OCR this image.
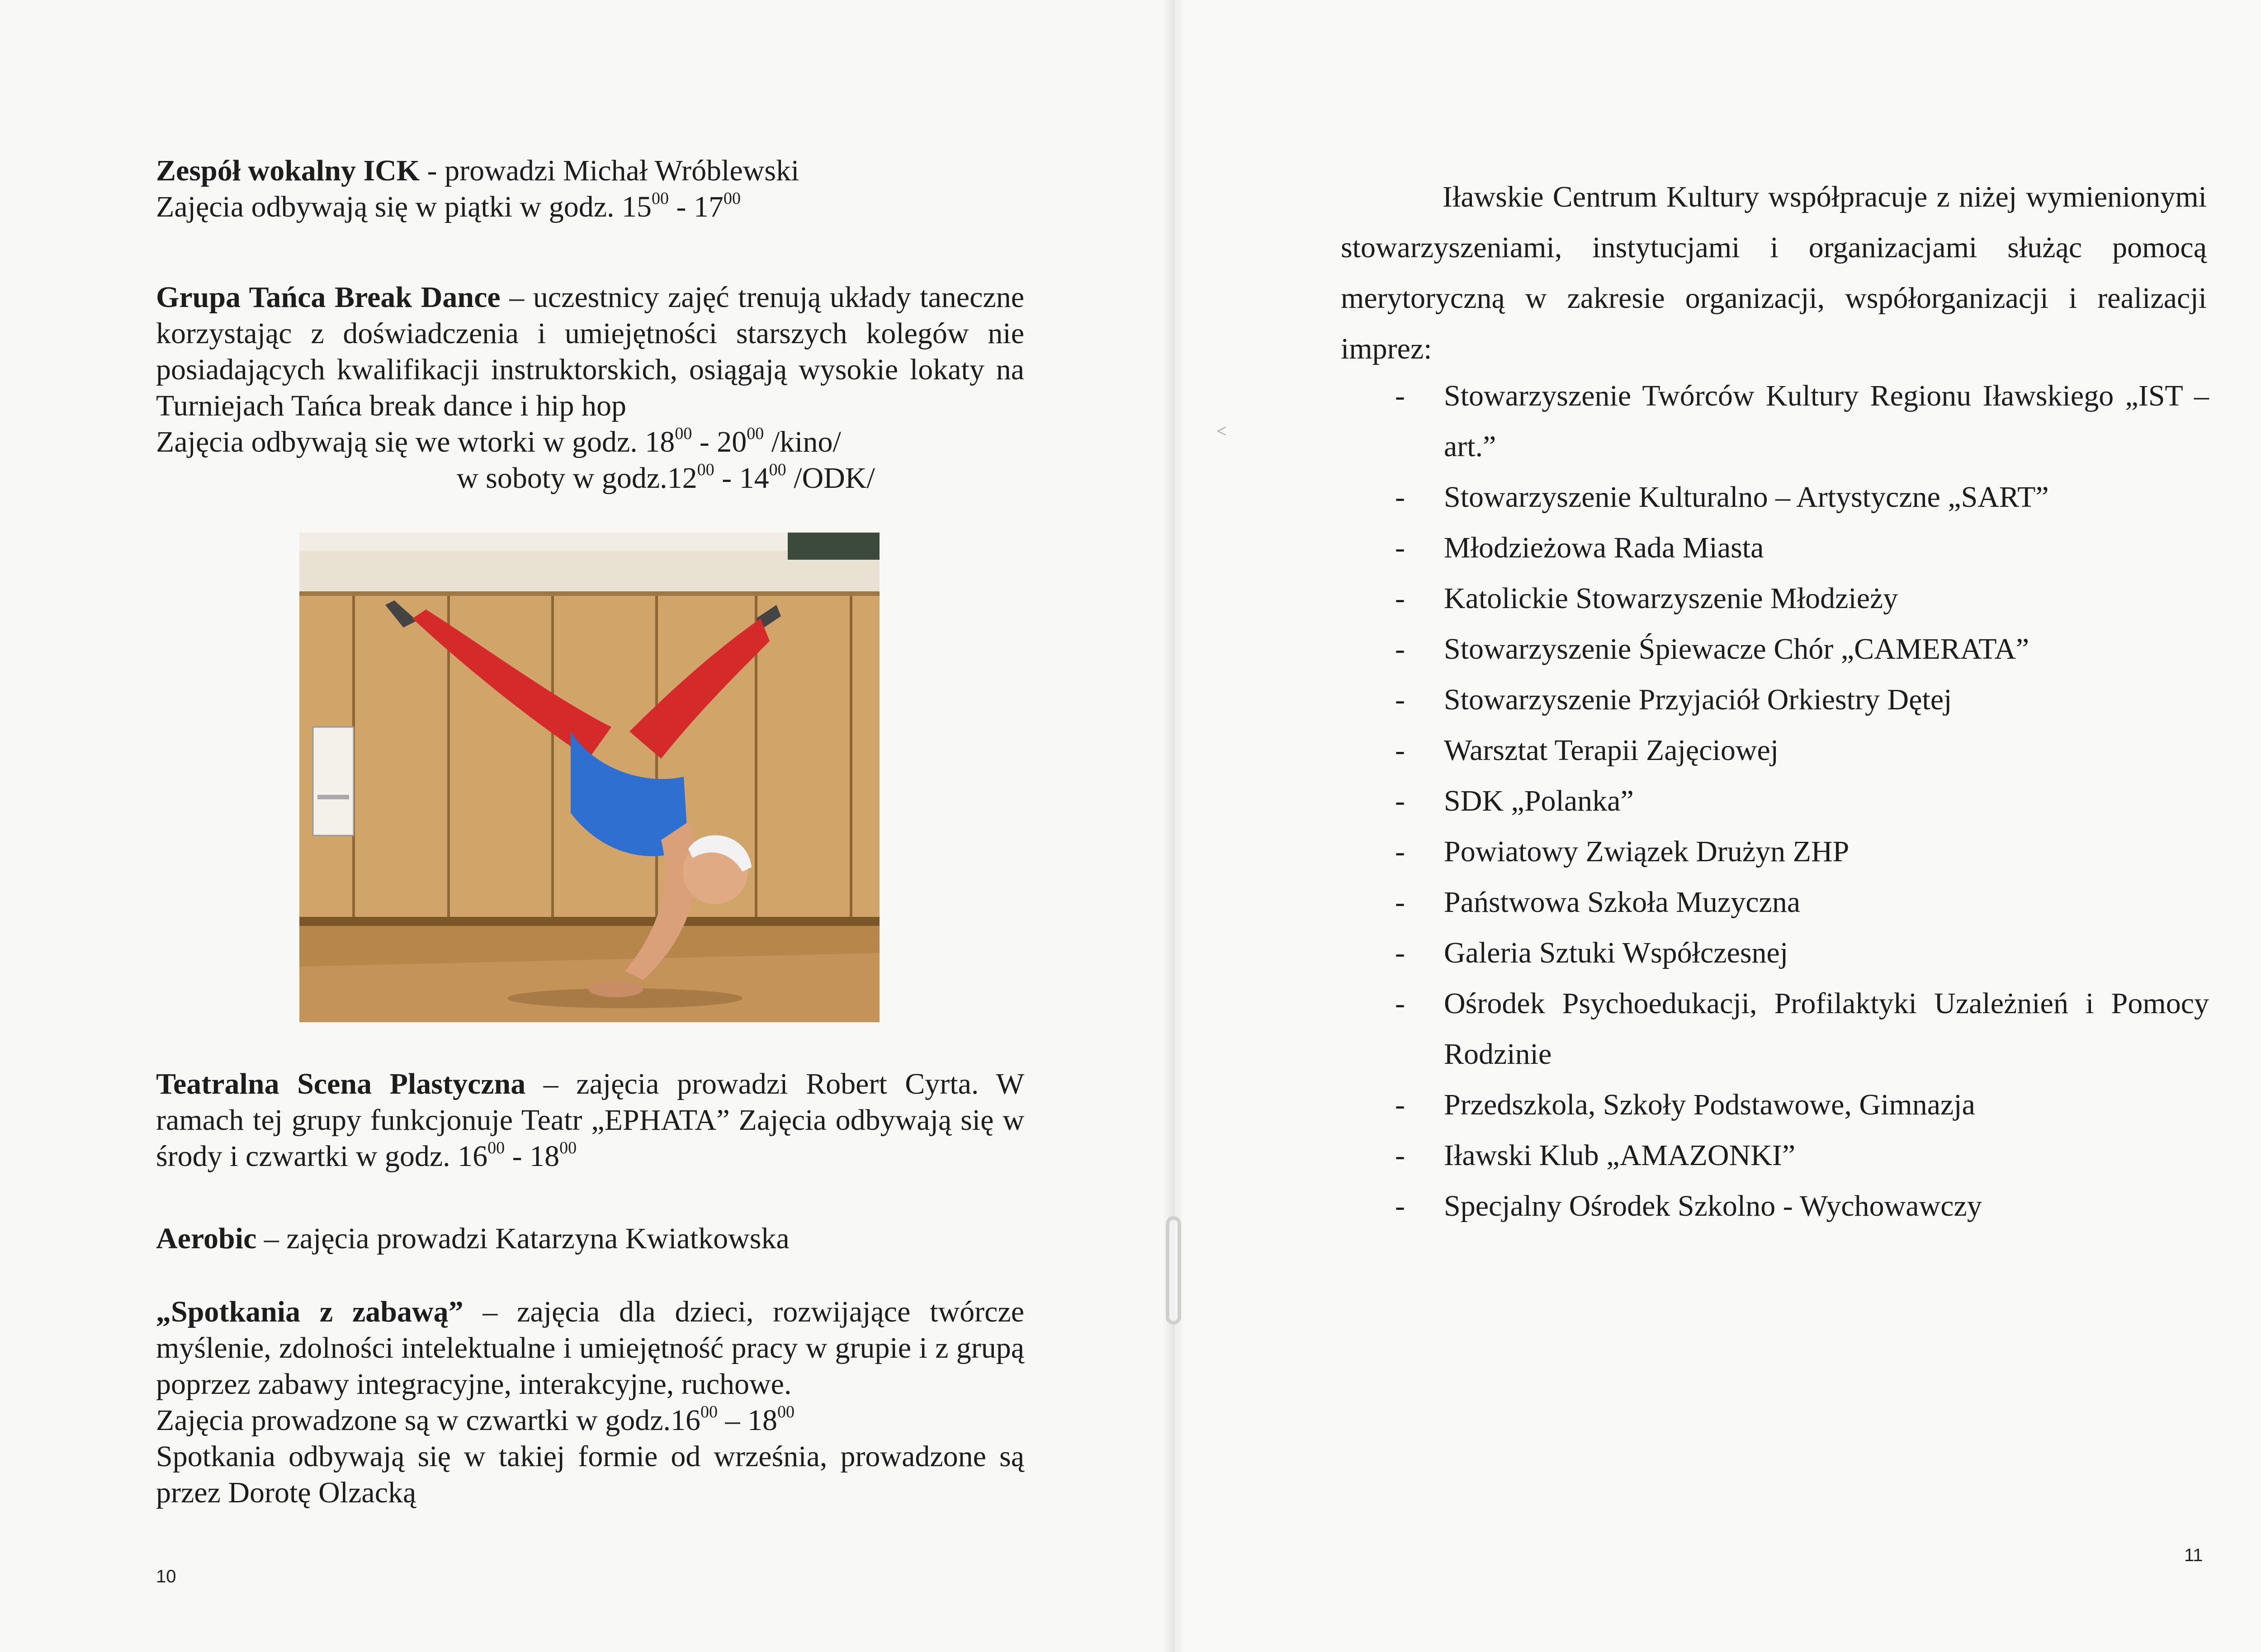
˂

Zespół wokalny ICK - prowadzi Michał Wróblewski

Zajęcia odbywają się w piątki w godz. $15^{00} - 17^{00}$

Grupa Tańca Break Dance – uczestnicy zajęć trenują układy taneczne korzystając z doświadczenia i umiejętności starszych kolegów nie posiadających kwalifikacji instruktorskich, osiągają wysokie lokaty na Turniejach Tańca break dance i hip hop

Zajęcia odbywają się we wtorki w godz. $18^{00} - 20^{00}$ /kino/

w soboty w $godz.12^{00} - 14^{00}$ /ODK/

Teatralna Scena Plastyczna – zajęcia prowadzi Robert Cyrta. W ramach tej grupy funkcjonuje Teatr „EPHATA” Zajęcia odbywają się w środy i czwartki w godz. $16^{00} - 18^{00}$

Aerobic – zajęcia prowadzi Katarzyna Kwiatkowska

„Spotkania z zabawą” – zajęcia dla dzieci, rozwijające twórcze myślenie, zdolności intelektualne i umiejętność pracy w grupie i z grupą poprzez zabawy integracyjne, interakcyjne, ruchowe.

Zajęcia prowadzone są w czwartki w $godz.16^{00} - 18^{00}$

Spotkania odbywają się w takiej formie od września, prowadzone są przez Dorotę Olzacką

10

Iławskie Centrum Kultury współpracuje z niżej wymienionymi stowarzyszeniami, instytucjami i organizacjami służąc pomocą merytoryczną w zakresie organizacji, współorganizacji i realizacji imprez:

- Stowarzyszenie Twórców Kultury Regionu Iławskiego „IST – art.”
- Stowarzyszenie Kulturalno – Artystyczne „SART”
- Młodzieżowa Rada Miasta
- Katolickie Stowarzyszenie Młodzieży
- Stowarzyszenie Śpiewacze Chór „CAMERATA”
- Stowarzyszenie Przyjaciół Orkiestry Dętej
- Warsztat Terapii Zajęciowej
- SDK „Polanka”
- Powiatowy Związek Drużyn ZHP
- Państwowa Szkoła Muzyczna
- Galeria Sztuki Współczesnej
- Ośrodek Psychoedukacji, Profilaktyki Uzależnień i Pomocy Rodzinie
- Przedszkola, Szkoły Podstawowe, Gimnazja
- Iławski Klub „AMAZONKI”
- Specjalny Ośrodek Szkolno - Wychowawczy
11
